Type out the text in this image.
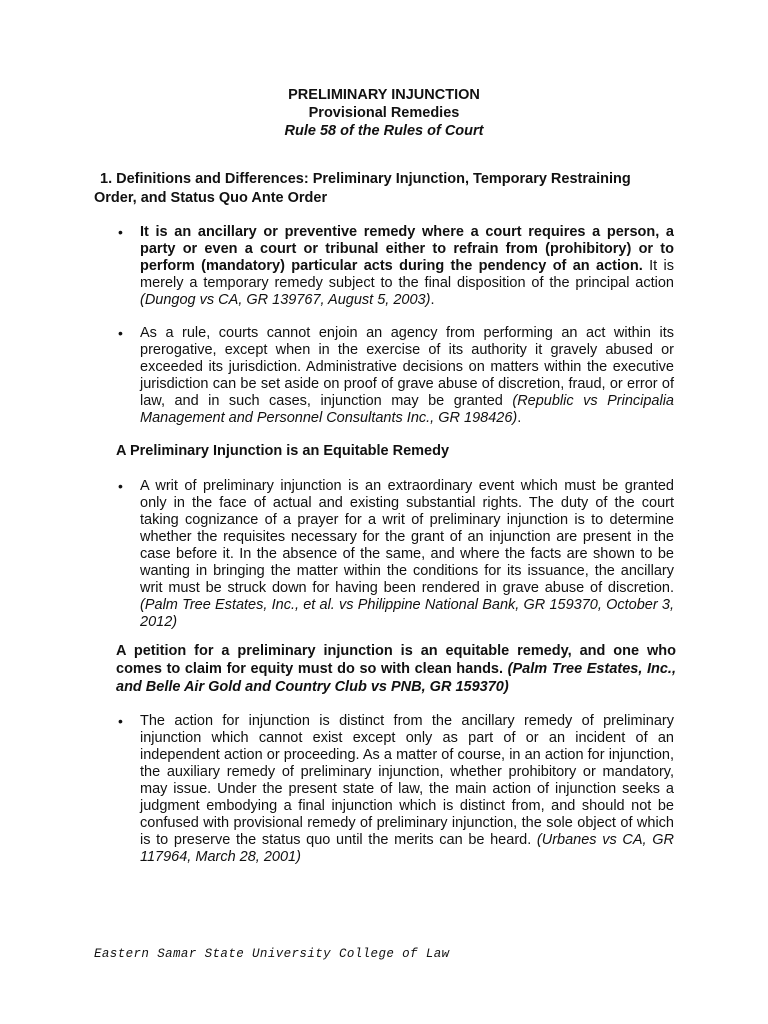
PRELIMINARY INJUNCTION
Provisional Remedies
Rule 58 of the Rules of Court
1. Definitions and Differences: Preliminary Injunction, Temporary Restraining Order, and Status Quo Ante Order
•	It is an ancillary or preventive remedy where a court requires a person, a party or even a court or tribunal either to refrain from (prohibitory) or to perform (mandatory) particular acts during the pendency of an action. It is merely a temporary remedy subject to the final disposition of the principal action (Dungog vs CA, GR 139767, August 5, 2003).
•	As a rule, courts cannot enjoin an agency from performing an act within its prerogative, except when in the exercise of its authority it gravely abused or exceeded its jurisdiction. Administrative decisions on matters within the executive jurisdiction can be set aside on proof of grave abuse of discretion, fraud, or error of law, and in such cases, injunction may be granted (Republic vs Principalia Management and Personnel Consultants Inc., GR 198426).
A Preliminary Injunction is an Equitable Remedy
•	A writ of preliminary injunction is an extraordinary event which must be granted only in the face of actual and existing substantial rights. The duty of the court taking cognizance of a prayer for a writ of preliminary injunction is to determine whether the requisites necessary for the grant of an injunction are present in the case before it. In the absence of the same, and where the facts are shown to be wanting in bringing the matter within the conditions for its issuance, the ancillary writ must be struck down for having been rendered in grave abuse of discretion. (Palm Tree Estates, Inc., et al. vs Philippine National Bank, GR 159370, October 3, 2012)
A petition for a preliminary injunction is an equitable remedy, and one who comes to claim for equity must do so with clean hands. (Palm Tree Estates, Inc., and Belle Air Gold and Country Club vs PNB, GR 159370)
•	The action for injunction is distinct from the ancillary remedy of preliminary injunction which cannot exist except only as part of or an incident of an independent action or proceeding. As a matter of course, in an action for injunction, the auxiliary remedy of preliminary injunction, whether prohibitory or mandatory, may issue. Under the present state of law, the main action of injunction seeks a judgment embodying a final injunction which is distinct from, and should not be confused with provisional remedy of preliminary injunction, the sole object of which is to preserve the status quo until the merits can be heard. (Urbanes vs CA, GR 117964, March 28, 2001)
Eastern Samar State University College of Law
